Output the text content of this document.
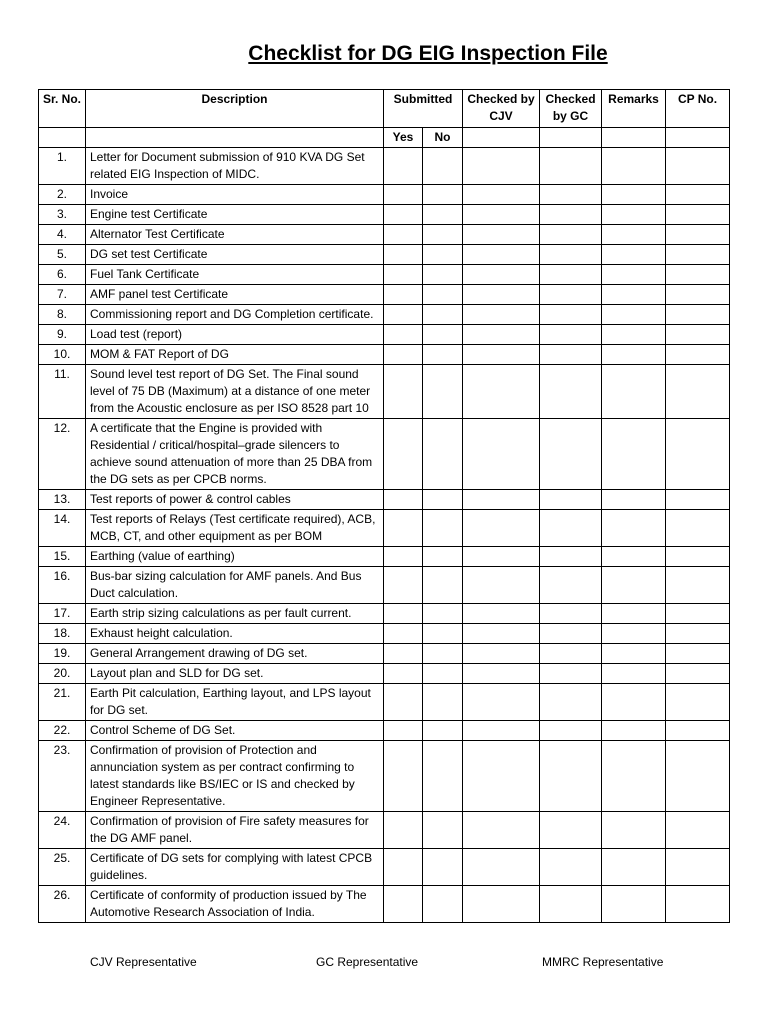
Checklist for DG EIG Inspection File
Sr. No.	Description	Submitted		Checked by CJV	Checked by GC	Remarks	CP No.
		Yes	No				
1.	Letter for Document submission of 910 KVA DG Set related EIG Inspection of MIDC.						
2.	Invoice						
3.	Engine test Certificate						
4.	Alternator Test Certificate						
5.	DG set test Certificate						
6.	Fuel Tank Certificate						
7.	AMF panel test Certificate						
8.	Commissioning report and DG Completion certificate.						
9.	Load test (report)						
10.	MOM & FAT Report of DG						
11.	Sound level test report of DG Set. The Final sound level of 75 DB (Maximum) at a distance of one meter from the Acoustic enclosure as per ISO 8528 part 10						
12.	A certificate that the Engine is provided with Residential / critical/hospital–grade silencers to achieve sound attenuation of more than 25 DBA from the DG sets as per CPCB norms.						
13.	Test reports of power & control cables						
14.	Test reports of Relays (Test certificate required), ACB, MCB, CT, and other equipment as per BOM						
15.	Earthing (value of earthing)						
16.	Bus-bar sizing calculation for AMF panels. And Bus Duct calculation.						
17.	Earth strip sizing calculations as per fault current.						
18.	Exhaust height calculation.						
19.	General Arrangement drawing of DG set.						
20.	Layout plan and SLD for DG set.						
21.	Earth Pit calculation, Earthing layout, and LPS layout for DG set.						
22.	Control Scheme of DG Set.						
23.	Confirmation of provision of Protection and annunciation system as per contract confirming to latest standards like BS/IEC or IS and checked by Engineer Representative.						
24.	Confirmation of provision of Fire safety measures for the DG AMF panel.						
25.	Certificate of DG sets for complying with latest CPCB guidelines.						
26.	Certificate of conformity of production issued by The Automotive Research Association of India.						
CJV Representative	GC Representative	MMRC Representative
